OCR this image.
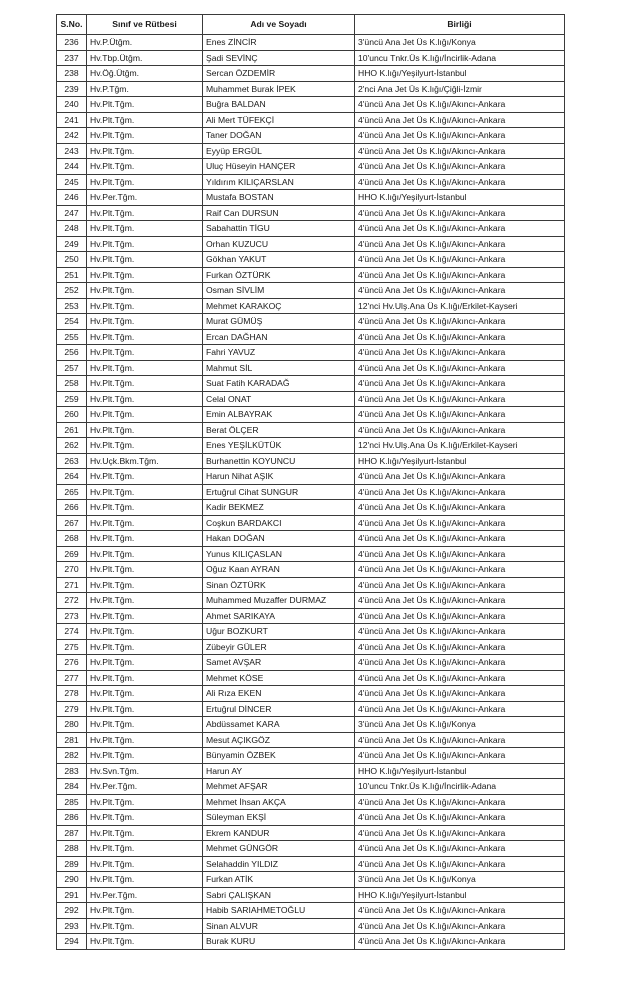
S.No.	Sınıf ve Rütbesi	Adı ve Soyadı	Birliği
236	Hv.P.Ütğm.	Enes ZİNCİR	3'üncü Ana Jet Üs K.lığı/Konya
237	Hv.Tbp.Ütğm.	Şadi SEVİNÇ	10'uncu Tnkr.Üs K.lığı/İncirlik-Adana
238	Hv.Öğ.Ütğm.	Sercan ÖZDEMİR	HHO K.lığı/Yeşilyurt-İstanbul
239	Hv.P.Tğm.	Muhammet Burak İPEK	2'nci Ana Jet Üs K.lığı/Çiğli-İzmir
240	Hv.Plt.Tğm.	Buğra BALDAN	4'üncü Ana Jet Üs K.lığı/Akıncı-Ankara
241	Hv.Plt.Tğm.	Ali Mert TÜFEKÇİ	4'üncü Ana Jet Üs K.lığı/Akıncı-Ankara
242	Hv.Plt.Tğm.	Taner DOĞAN	4'üncü Ana Jet Üs K.lığı/Akıncı-Ankara
243	Hv.Plt.Tğm.	Eyyüp ERGÜL	4'üncü Ana Jet Üs K.lığı/Akıncı-Ankara
244	Hv.Plt.Tğm.	Uluç Hüseyin HANÇER	4'üncü Ana Jet Üs K.lığı/Akıncı-Ankara
245	Hv.Plt.Tğm.	Yıldırım KILIÇARSLAN	4'üncü Ana Jet Üs K.lığı/Akıncı-Ankara
246	Hv.Per.Tğm.	Mustafa BOSTAN	HHO K.lığı/Yeşilyurt-İstanbul
247	Hv.Plt.Tğm.	Raif Can DURSUN	4'üncü Ana Jet Üs K.lığı/Akıncı-Ankara
248	Hv.Plt.Tğm.	Sabahattin TİGU	4'üncü Ana Jet Üs K.lığı/Akıncı-Ankara
249	Hv.Plt.Tğm.	Orhan KUZUCU	4'üncü Ana Jet Üs K.lığı/Akıncı-Ankara
250	Hv.Plt.Tğm.	Gökhan YAKUT	4'üncü Ana Jet Üs K.lığı/Akıncı-Ankara
251	Hv.Plt.Tğm.	Furkan ÖZTÜRK	4'üncü Ana Jet Üs K.lığı/Akıncı-Ankara
252	Hv.Plt.Tğm.	Osman SİVLİM	4'üncü Ana Jet Üs K.lığı/Akıncı-Ankara
253	Hv.Plt.Tğm.	Mehmet KARAKOÇ	12'nci Hv.Ulş.Ana Üs K.lığı/Erkilet-Kayseri
254	Hv.Plt.Tğm.	Murat GÜMÜŞ	4'üncü Ana Jet Üs K.lığı/Akıncı-Ankara
255	Hv.Plt.Tğm.	Ercan DAĞHAN	4'üncü Ana Jet Üs K.lığı/Akıncı-Ankara
256	Hv.Plt.Tğm.	Fahri YAVUZ	4'üncü Ana Jet Üs K.lığı/Akıncı-Ankara
257	Hv.Plt.Tğm.	Mahmut SİL	4'üncü Ana Jet Üs K.lığı/Akıncı-Ankara
258	Hv.Plt.Tğm.	Suat Fatih KARADAĞ	4'üncü Ana Jet Üs K.lığı/Akıncı-Ankara
259	Hv.Plt.Tğm.	Celal ONAT	4'üncü Ana Jet Üs K.lığı/Akıncı-Ankara
260	Hv.Plt.Tğm.	Emin ALBAYRAK	4'üncü Ana Jet Üs K.lığı/Akıncı-Ankara
261	Hv.Plt.Tğm.	Berat ÖLÇER	4'üncü Ana Jet Üs K.lığı/Akıncı-Ankara
262	Hv.Plt.Tğm.	Enes YEŞİLKÜTÜK	12'nci Hv.Ulş.Ana Üs K.lığı/Erkilet-Kayseri
263	Hv.Uçk.Bkm.Tğm.	Burhanettin KOYUNCU	HHO K.lığı/Yeşilyurt-İstanbul
264	Hv.Plt.Tğm.	Harun Nihat AŞIK	4'üncü Ana Jet Üs K.lığı/Akıncı-Ankara
265	Hv.Plt.Tğm.	Ertuğrul Cihat SUNGUR	4'üncü Ana Jet Üs K.lığı/Akıncı-Ankara
266	Hv.Plt.Tğm.	Kadir BEKMEZ	4'üncü Ana Jet Üs K.lığı/Akıncı-Ankara
267	Hv.Plt.Tğm.	Coşkun BARDAKCI	4'üncü Ana Jet Üs K.lığı/Akıncı-Ankara
268	Hv.Plt.Tğm.	Hakan DOĞAN	4'üncü Ana Jet Üs K.lığı/Akıncı-Ankara
269	Hv.Plt.Tğm.	Yunus KILIÇASLAN	4'üncü Ana Jet Üs K.lığı/Akıncı-Ankara
270	Hv.Plt.Tğm.	Oğuz Kaan AYRAN	4'üncü Ana Jet Üs K.lığı/Akıncı-Ankara
271	Hv.Plt.Tğm.	Sinan ÖZTÜRK	4'üncü Ana Jet Üs K.lığı/Akıncı-Ankara
272	Hv.Plt.Tğm.	Muhammed Muzaffer DURMAZ	4'üncü Ana Jet Üs K.lığı/Akıncı-Ankara
273	Hv.Plt.Tğm.	Ahmet SARIKAYA	4'üncü Ana Jet Üs K.lığı/Akıncı-Ankara
274	Hv.Plt.Tğm.	Uğur BOZKURT	4'üncü Ana Jet Üs K.lığı/Akıncı-Ankara
275	Hv.Plt.Tğm.	Zübeyir GÜLER	4'üncü Ana Jet Üs K.lığı/Akıncı-Ankara
276	Hv.Plt.Tğm.	Samet AVŞAR	4'üncü Ana Jet Üs K.lığı/Akıncı-Ankara
277	Hv.Plt.Tğm.	Mehmet KÖSE	4'üncü Ana Jet Üs K.lığı/Akıncı-Ankara
278	Hv.Plt.Tğm.	Ali Rıza EKEN	4'üncü Ana Jet Üs K.lığı/Akıncı-Ankara
279	Hv.Plt.Tğm.	Ertuğrul DİNCER	4'üncü Ana Jet Üs K.lığı/Akıncı-Ankara
280	Hv.Plt.Tğm.	Abdüssamet KARA	3'üncü Ana Jet Üs K.lığı/Konya
281	Hv.Plt.Tğm.	Mesut AÇIKGÖZ	4'üncü Ana Jet Üs K.lığı/Akıncı-Ankara
282	Hv.Plt.Tğm.	Bünyamin ÖZBEK	4'üncü Ana Jet Üs K.lığı/Akıncı-Ankara
283	Hv.Svn.Tğm.	Harun AY	HHO K.lığı/Yeşilyurt-İstanbul
284	Hv.Per.Tğm.	Mehmet AFŞAR	10'uncu Tnkr.Üs K.lığı/İncirlik-Adana
285	Hv.Plt.Tğm.	Mehmet İhsan AKÇA	4'üncü Ana Jet Üs K.lığı/Akıncı-Ankara
286	Hv.Plt.Tğm.	Süleyman EKŞİ	4'üncü Ana Jet Üs K.lığı/Akıncı-Ankara
287	Hv.Plt.Tğm.	Ekrem KANDUR	4'üncü Ana Jet Üs K.lığı/Akıncı-Ankara
288	Hv.Plt.Tğm.	Mehmet GÜNGÖR	4'üncü Ana Jet Üs K.lığı/Akıncı-Ankara
289	Hv.Plt.Tğm.	Selahaddin YILDIZ	4'üncü Ana Jet Üs K.lığı/Akıncı-Ankara
290	Hv.Plt.Tğm.	Furkan ATİK	3'üncü Ana Jet Üs K.lığı/Konya
291	Hv.Per.Tğm.	Sabri ÇALIŞKAN	HHO K.lığı/Yeşilyurt-İstanbul
292	Hv.Plt.Tğm.	Habib SARIAHMETOĞLU	4'üncü Ana Jet Üs K.lığı/Akıncı-Ankara
293	Hv.Plt.Tğm.	Sinan ALVUR	4'üncü Ana Jet Üs K.lığı/Akıncı-Ankara
294	Hv.Plt.Tğm.	Burak KURU	4'üncü Ana Jet Üs K.lığı/Akıncı-Ankara
